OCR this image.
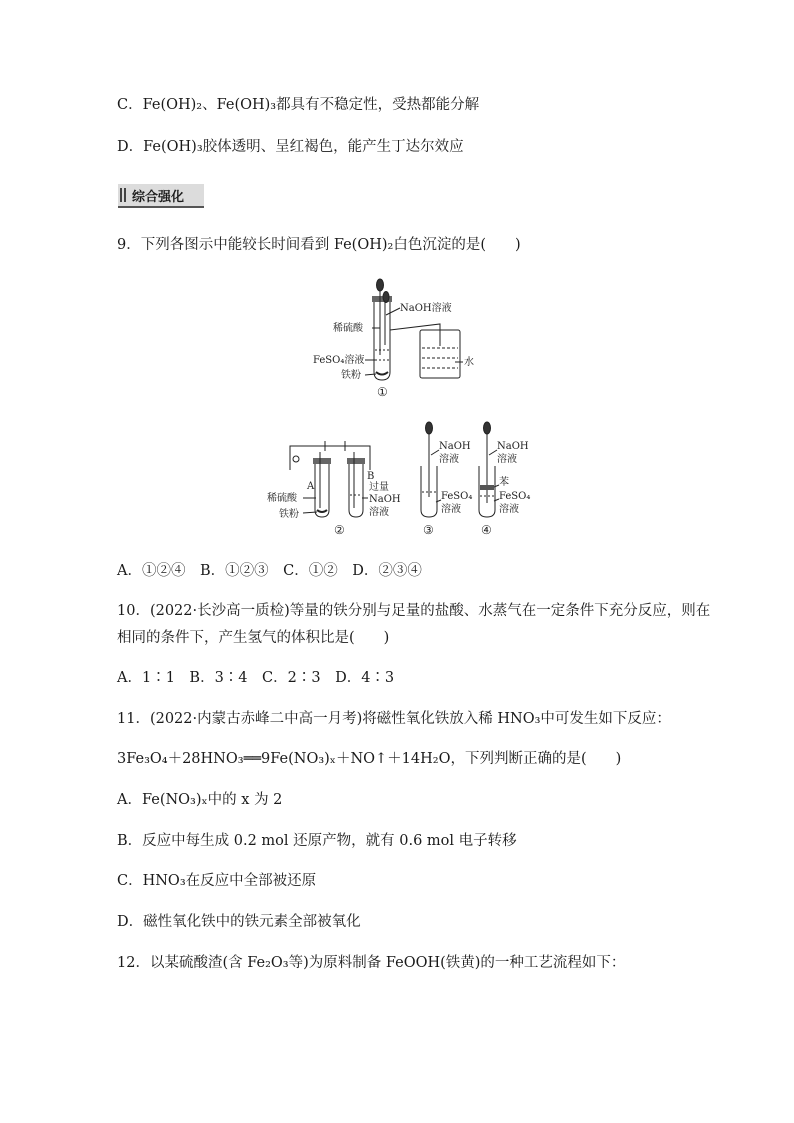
C．Fe(OH)₂、Fe(OH)₃都具有不稳定性，受热都能分解
D．Fe(OH)₃胶体透明、呈红褐色，能产生丁达尔效应
综合强化
9．下列各图示中能较长时间看到 Fe(OH)₂白色沉淀的是(　　)
NaOH溶液
稀硫酸
FeSO₄溶液
铁粉
水
①
A
B
过量
NaOH
溶液
稀硫酸
铁粉
②
NaOH
溶液
FeSO₄
溶液
③
NaOH
溶液
苯
FeSO₄
溶液
④
A．①②④　B．①②③　C．①②　D．②③④
10．(2022·长沙高一质检)等量的铁分别与足量的盐酸、水蒸气在一定条件下充分反应，则在
相同的条件下，产生氢气的体积比是(　　)
A．1∶1　B．3∶4　C．2∶3　D．4∶3
11．(2022·内蒙古赤峰二中高一月考)将磁性氧化铁放入稀 HNO₃中可发生如下反应：
3Fe₃O₄＋28HNO₃══9Fe(NO₃)ₓ＋NO↑＋14H₂O，下列判断正确的是(　　)
A．Fe(NO₃)ₓ中的 x 为 2
B．反应中每生成 0.2 mol 还原产物，就有 0.6 mol 电子转移
C．HNO₃在反应中全部被还原
D．磁性氧化铁中的铁元素全部被氧化
12．以某硫酸渣(含 Fe₂O₃等)为原料制备 FeOOH(铁黄)的一种工艺流程如下：
